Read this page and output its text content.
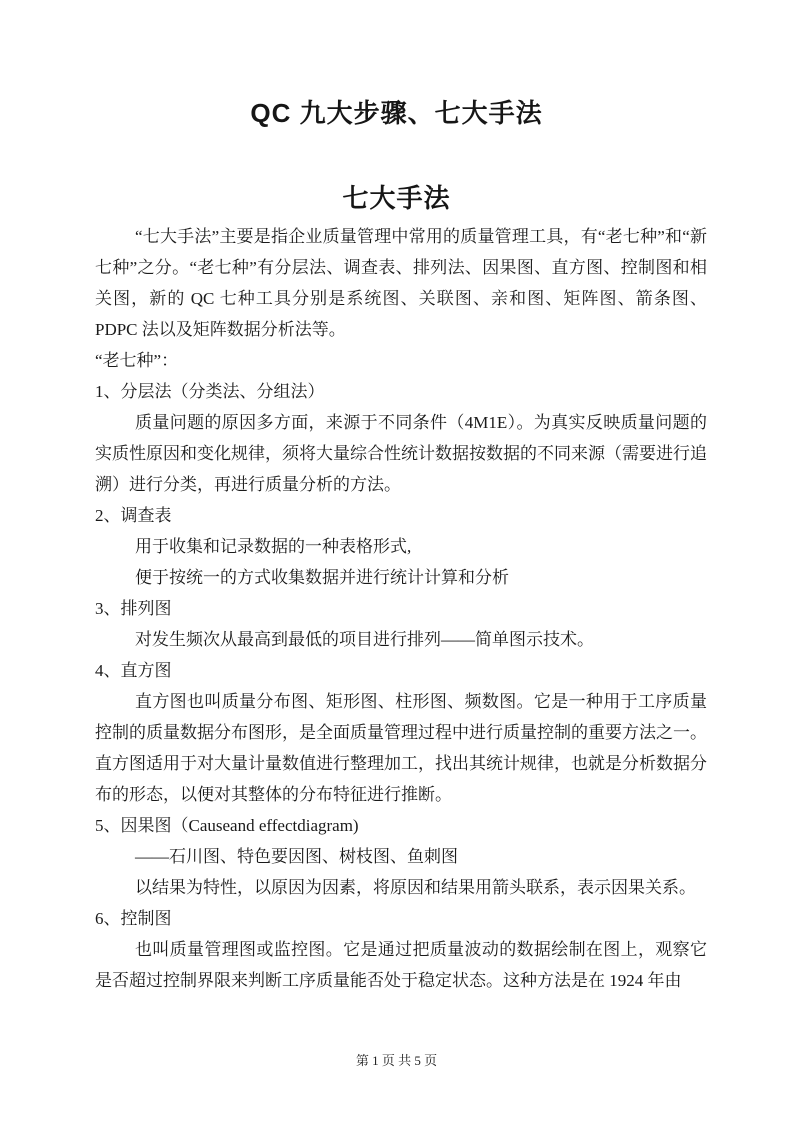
QC 九大步骤、七大手法
七大手法

“七大手法”主要是指企业质量管理中常用的质量管理工具，有“老七种”和“新七种”之分。“老七种”有分层法、调查表、排列法、因果图、直方图、控制图和相关图，新的 QC 七种工具分别是系统图、关联图、亲和图、矩阵图、箭条图、PDPC 法以及矩阵数据分析法等。

“老七种”：

1、分层法（分类法、分组法）

质量问题的原因多方面，来源于不同条件（4M1E）。为真实反映质量问题的实质性原因和变化规律，须将大量综合性统计数据按数据的不同来源（需要进行追溯）进行分类，再进行质量分析的方法。

2、调查表

用于收集和记录数据的一种表格形式,

便于按统一的方式收集数据并进行统计计算和分析

3、排列图

对发生频次从最高到最低的项目进行排列——简单图示技术。

4、直方图

直方图也叫质量分布图、矩形图、柱形图、频数图。它是一种用于工序质量控制的质量数据分布图形，是全面质量管理过程中进行质量控制的重要方法之一。直方图适用于对大量计量数值进行整理加工，找出其统计规律，也就是分析数据分布的形态，以便对其整体的分布特征进行推断。

5、因果图（Causeand effectdiagram)

——石川图、特色要因图、树枝图、鱼刺图

以结果为特性，以原因为因素，将原因和结果用箭头联系，表示因果关系。

6、控制图

也叫质量管理图或监控图。它是通过把质量波动的数据绘制在图上，观察它是否超过控制界限来判断工序质量能否处于稳定状态。这种方法是在 1924 年由

第 1 页 共 5 页
